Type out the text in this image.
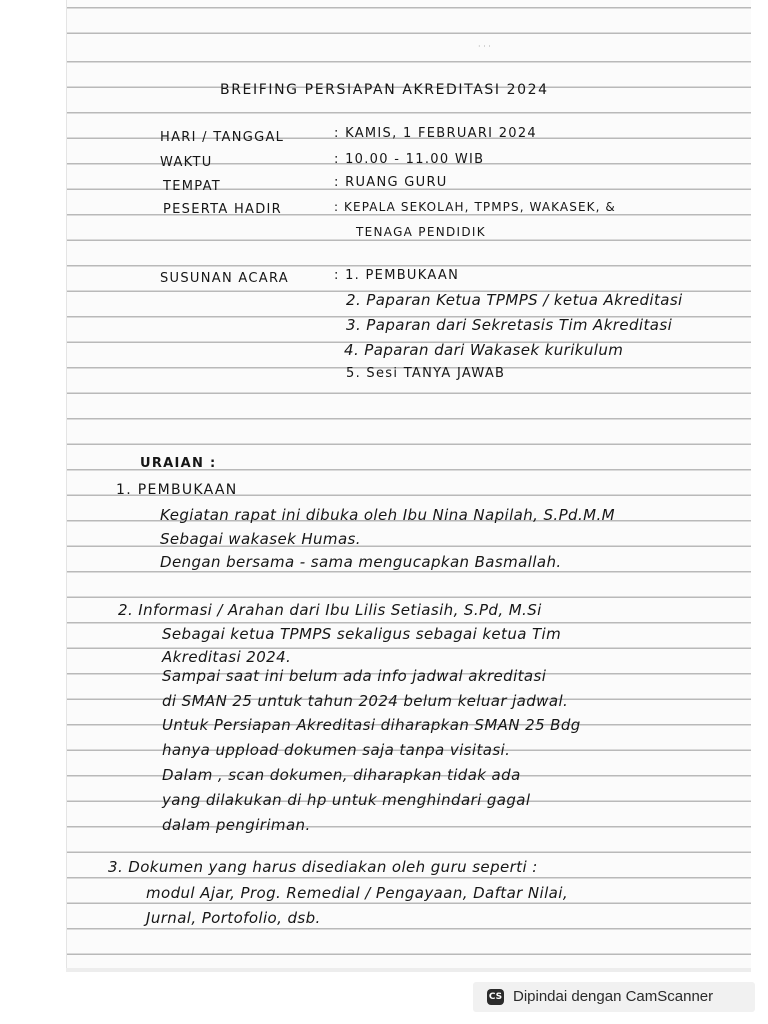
· · ·
BREIFING PERSIAPAN AKREDITASI 2024
HARI / TANGGAL	: KAMIS, 1 FEBRUARI 2024
WAKTU	: 10.00 - 11.00 WIB
TEMPAT	: RUANG GURU
PESERTA HADIR	: KEPALA SEKOLAH, TPMPS, WAKASEK, &
TENAGA PENDIDIK
SUSUNAN ACARA	: 1. PEMBUKAAN
2. Paparan Ketua TPMPS / ketua Akreditasi
3. Paparan dari Sekretasis Tim Akreditasi
4. Paparan dari Wakasek kurikulum
5. Sesi TANYA JAWAB
URAIAN :
1. PEMBUKAAN
Kegiatan rapat ini dibuka oleh Ibu Nina Napilah, S.Pd.M.M
Sebagai wakasek Humas.
Dengan bersama - sama mengucapkan Basmallah.
2. Informasi / Arahan dari Ibu Lilis Setiasih, S.Pd, M.Si
Sebagai ketua TPMPS sekaligus sebagai ketua Tim
Akreditasi 2024.
Sampai saat ini belum ada info jadwal akreditasi
di SMAN 25 untuk tahun 2024 belum keluar jadwal.
Untuk Persiapan Akreditasi diharapkan SMAN 25 Bdg
hanya uppload dokumen saja tanpa visitasi.
Dalam , scan dokumen, diharapkan tidak ada
yang dilakukan di hp untuk menghindari gagal
dalam pengiriman.
3. Dokumen yang harus disediakan oleh guru seperti :
modul Ajar, Prog. Remedial / Pengayaan, Daftar Nilai,
Jurnal, Portofolio, dsb.
CS Dipindai dengan CamScanner
